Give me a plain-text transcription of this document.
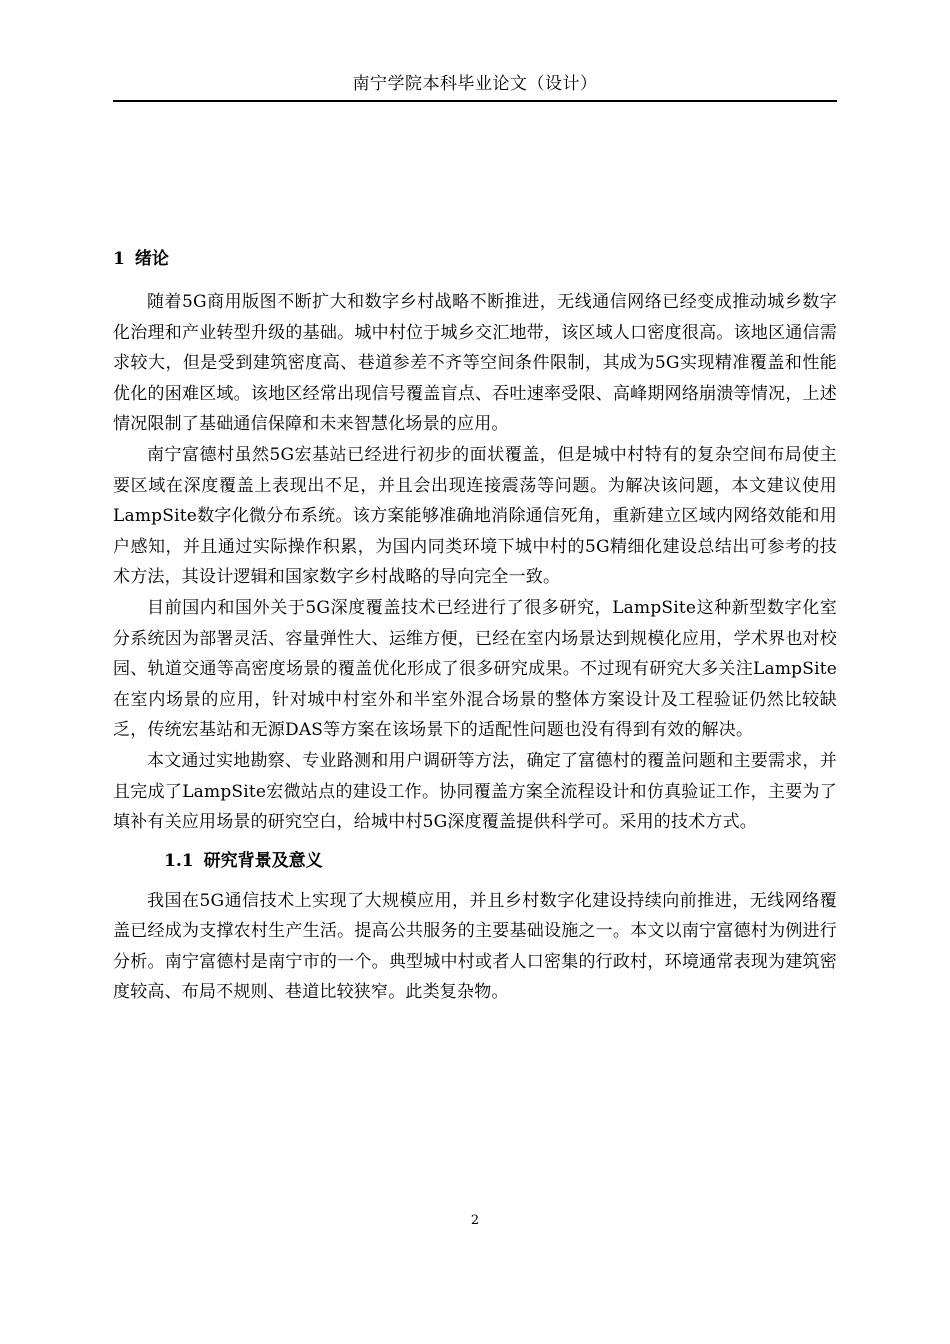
南宁学院本科毕业论文（设计）
1 绪论

随着5G商用版图不断扩大和数字乡村战略不断推进，无线通信网络已经变成推动城乡数字化治理和产业转型升级的基础。城中村位于城乡交汇地带，该区域人口密度很高。该地区通信需求较大，但是受到建筑密度高、巷道参差不齐等空间条件限制，其成为5G实现精准覆盖和性能优化的困难区域。该地区经常出现信号覆盖盲点、吞吐速率受限、高峰期网络崩溃等情况，上述情况限制了基础通信保障和未来智慧化场景的应用。

南宁富德村虽然5G宏基站已经进行初步的面状覆盖，但是城中村特有的复杂空间布局使主要区域在深度覆盖上表现出不足，并且会出现连接震荡等问题。为解决该问题，本文建议使用LampSite数字化微分布系统。该方案能够准确地消除通信死角，重新建立区域内网络效能和用户感知，并且通过实际操作积累，为国内同类环境下城中村的5G精细化建设总结出可参考的技术方法，其设计逻辑和国家数字乡村战略的导向完全一致。

目前国内和国外关于5G深度覆盖技术已经进行了很多研究，LampSite这种新型数字化室分系统因为部署灵活、容量弹性大、运维方便，已经在室内场景达到规模化应用，学术界也对校园、轨道交通等高密度场景的覆盖优化形成了很多研究成果。不过现有研究大多关注LampSite在室内场景的应用，针对城中村室外和半室外混合场景的整体方案设计及工程验证仍然比较缺乏，传统宏基站和无源DAS等方案在该场景下的适配性问题也没有得到有效的解决。

本文通过实地勘察、专业路测和用户调研等方法，确定了富德村的覆盖问题和主要需求，并且完成了LampSite宏微站点的建设工作。协同覆盖方案全流程设计和仿真验证工作，主要为了填补有关应用场景的研究空白，给城中村5G深度覆盖提供科学可。采用的技术方式。

1.1 研究背景及意义

我国在5G通信技术上实现了大规模应用，并且乡村数字化建设持续向前推进，无线网络覆盖已经成为支撑农村生产生活。提高公共服务的主要基础设施之一。本文以南宁富德村为例进行分析。南宁富德村是南宁市的一个。典型城中村或者人口密集的行政村，环境通常表现为建筑密度较高、布局不规则、巷道比较狭窄。此类复杂物。

2
